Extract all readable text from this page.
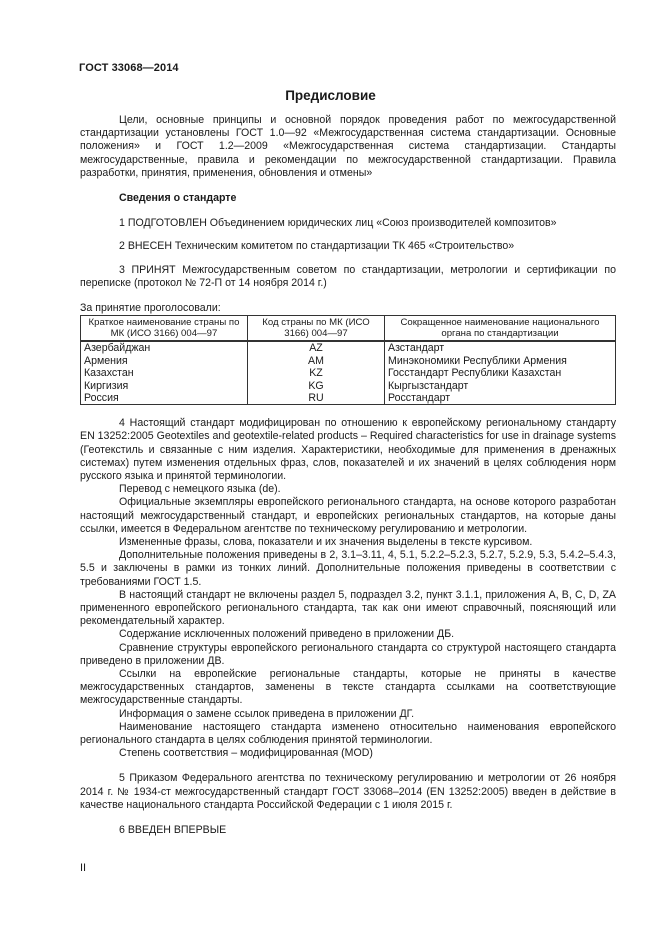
ГОСТ 33068—2014
Предисловие

Цели, основные принципы и основной порядок проведения работ по межгосударственной стандартизации установлены ГОСТ 1.0—92 «Межгосударственная система стандартизации. Основные положения» и ГОСТ 1.2—2009 «Межгосударственная система стандартизации. Стандарты межгосударственные, правила и рекомендации по межгосударственной стандартизации. Правила разработки, принятия, применения, обновления и отмены»

Сведения о стандарте

1 ПОДГОТОВЛЕН Объединением юридических лиц «Союз производителей композитов»

2 ВНЕСЕН Техническим комитетом по стандартизации ТК 465 «Строительство»

3 ПРИНЯТ Межгосударственным советом по стандартизации, метрологии и сертификации по переписке (протокол № 72-П от 14 ноября 2014 г.)

За принятие проголосовали:

Краткое наименование страны по МК (ИСО 3166) 004—97	Код страны по МК (ИСО 3166) 004—97	Сокращенное наименование национального органа по стандартизации
Азербайджан	AZ	Азстандарт
Армения	AM	Минэкономики Республики Армения
Казахстан	KZ	Госстандарт Республики Казахстан
Киргизия	KG	Кыргызстандарт
Россия	RU	Росстандарт

4 Настоящий стандарт модифицирован по отношению к европейскому региональному стандарту EN 13252:2005 Geotextiles and geotextile-related products – Required characteristics for use in drainage systems (Геотекстиль и связанные с ним изделия. Характеристики, необходимые для применения в дренажных системах) путем изменения отдельных фраз, слов, показателей и их значений в целях соблюдения норм русского языка и принятой терминологии.

Перевод с немецкого языка (de).

Официальные экземпляры европейского регионального стандарта, на основе которого разработан настоящий межгосударственный стандарт, и европейских региональных стандартов, на которые даны ссылки, имеется в Федеральном агентстве по техническому регулированию и метрологии.

Измененные фразы, слова, показатели и их значения выделены в тексте курсивом.

Дополнительные положения приведены в 2, 3.1–3.11, 4, 5.1, 5.2.2–5.2.3, 5.2.7, 5.2.9, 5.3, 5.4.2–5.4.3, 5.5 и заключены в рамки из тонких линий. Дополнительные положения приведены в соответствии с требованиями ГОСТ 1.5.

В настоящий стандарт не включены раздел 5, подраздел 3.2, пункт 3.1.1, приложения A, B, C, D, ZA примененного европейского регионального стандарта, так как они имеют справочный, поясняющий или рекомендательный характер.

Содержание исключенных положений приведено в приложении ДБ.

Сравнение структуры европейского регионального стандарта со структурой настоящего стандарта приведено в приложении ДВ.

Ссылки на европейские региональные стандарты, которые не приняты в качестве межгосударственных стандартов, заменены в тексте стандарта ссылками на соответствующие межгосударственные стандарты.

Информация о замене ссылок приведена в приложении ДГ.

Наименование настоящего стандарта изменено относительно наименования европейского регионального стандарта в целях соблюдения принятой терминологии.

Степень соответствия – модифицированная (MOD)

5 Приказом Федерального агентства по техническому регулированию и метрологии от 26 ноября 2014 г. № 1934-ст межгосударственный стандарт ГОСТ 33068–2014 (EN 13252:2005) введен в действие в качестве национального стандарта Российской Федерации с 1 июля 2015 г.

6 ВВЕДЕН ВПЕРВЫЕ

II
